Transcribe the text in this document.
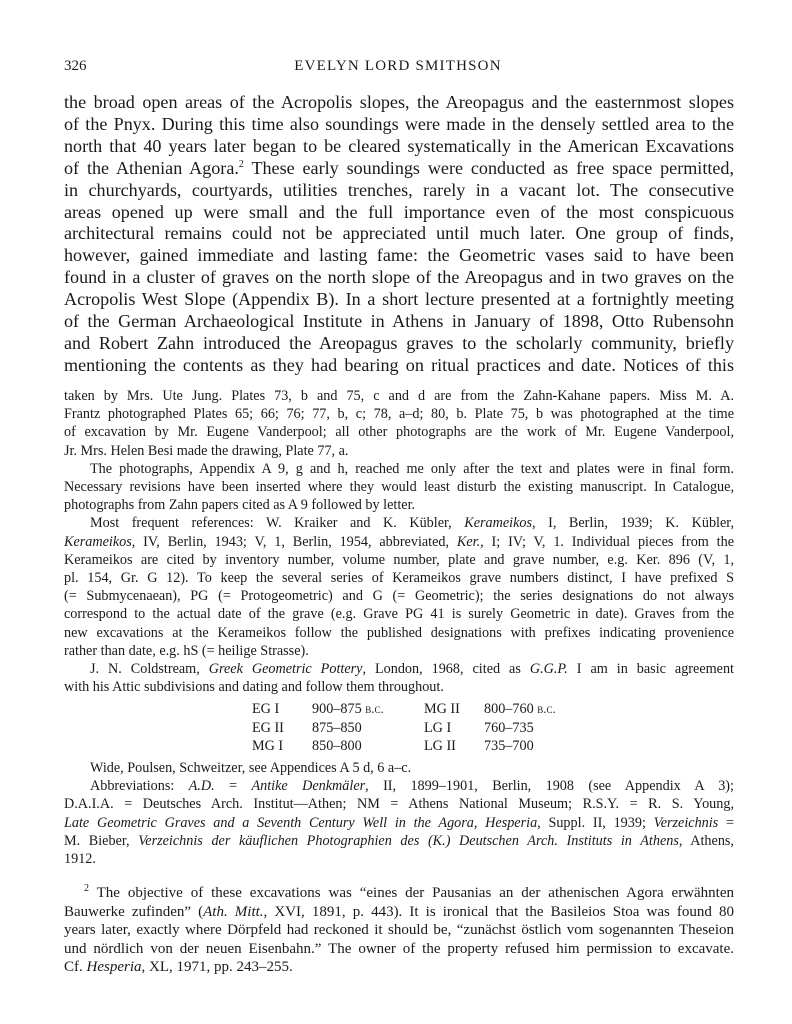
326	EVELYN LORD SMITHSON
the broad open areas of the Acropolis slopes, the Areopagus and the easternmost slopes
of the Pnyx. During this time also soundings were made in the densely settled area to the
north that 40 years later began to be cleared systematically in the American Excavations
of the Athenian Agora.$^2$ These early soundings were conducted as free space permitted,
in churchyards, courtyards, utilities trenches, rarely in a vacant lot. The consecutive
areas opened up were small and the full importance even of the most conspicuous
architectural remains could not be appreciated until much later. One group of finds,
however, gained immediate and lasting fame: the Geometric vases said to have been
found in a cluster of graves on the north slope of the Areopagus and in two graves on the
Acropolis West Slope (Appendix B). In a short lecture presented at a fortnightly meeting
of the German Archaeological Institute in Athens in January of 1898, Otto Rubensohn
and Robert Zahn introduced the Areopagus graves to the scholarly community, briefly
mentioning the contents as they had bearing on ritual practices and date. Notices of this
taken by Mrs. Ute Jung. Plates 73, b and 75, c and d are from the Zahn-Kahane papers. Miss M. A.
Frantz photographed Plates 65; 66; 76; 77, b, c; 78, a–d; 80, b. Plate 75, b was photographed at the time
of excavation by Mr. Eugene Vanderpool; all other photographs are the work of Mr. Eugene Vanderpool,
Jr. Mrs. Helen Besi made the drawing, Plate 77, a.
The photographs, Appendix A 9, g and h, reached me only after the text and plates were in final form.
Necessary revisions have been inserted where they would least disturb the existing manuscript. In Catalogue,
photographs from Zahn papers cited as A 9 followed by letter.
Most frequent references: W. Kraiker and K. Kübler, Kerameikos, I, Berlin, 1939; K. Kübler,
Kerameikos, IV, Berlin, 1943; V, 1, Berlin, 1954, abbreviated, Ker., I; IV; V, 1. Individual pieces from the
Kerameikos are cited by inventory number, volume number, plate and grave number, e.g. Ker. 896 (V, 1,
pl. 154, Gr. G 12). To keep the several series of Kerameikos grave numbers distinct, I have prefixed S
(= Submycenaean), PG (= Protogeometric) and G (= Geometric); the series designations do not always
correspond to the actual date of the grave (e.g. Grave PG 41 is surely Geometric in date). Graves from the
new excavations at the Kerameikos follow the published designations with prefixes indicating provenience
rather than date, e.g. hS (= heilige Strasse).
J. N. Coldstream, Greek Geometric Pottery, London, 1968, cited as G.G.P. I am in basic agreement
with his Attic subdivisions and dating and follow them throughout.
EG I	900–875 b.c.	MG II	800–760 b.c.
EG II	875–850	LG I	760–735
MG I	850–800	LG II	735–700
Wide, Poulsen, Schweitzer, see Appendices A 5 d, 6 a–c.
Abbreviations: A.D. = Antike Denkmäler, II, 1899–1901, Berlin, 1908 (see Appendix A 3);
D.A.I.A. = Deutsches Arch. Institut—Athen; NM = Athens National Museum; R.S.Y. = R. S. Young,
Late Geometric Graves and a Seventh Century Well in the Agora, Hesperia, Suppl. II, 1939; Verzeichnis =
M. Bieber, Verzeichnis der käuflichen Photographien des (K.) Deutschen Arch. Instituts in Athens, Athens,
1912.
$^2$ The objective of these excavations was “eines der Pausanias an der athenischen Agora erwähnten
Bauwerke zufinden” (Ath. Mitt., XVI, 1891, p. 443). It is ironical that the Basileios Stoa was found 80
years later, exactly where Dörpfeld had reckoned it should be, “zunächst östlich vom sogenannten Theseion
und nördlich von der neuen Eisenbahn.” The owner of the property refused him permission to excavate.
Cf. Hesperia, XL, 1971, pp. 243–255.
